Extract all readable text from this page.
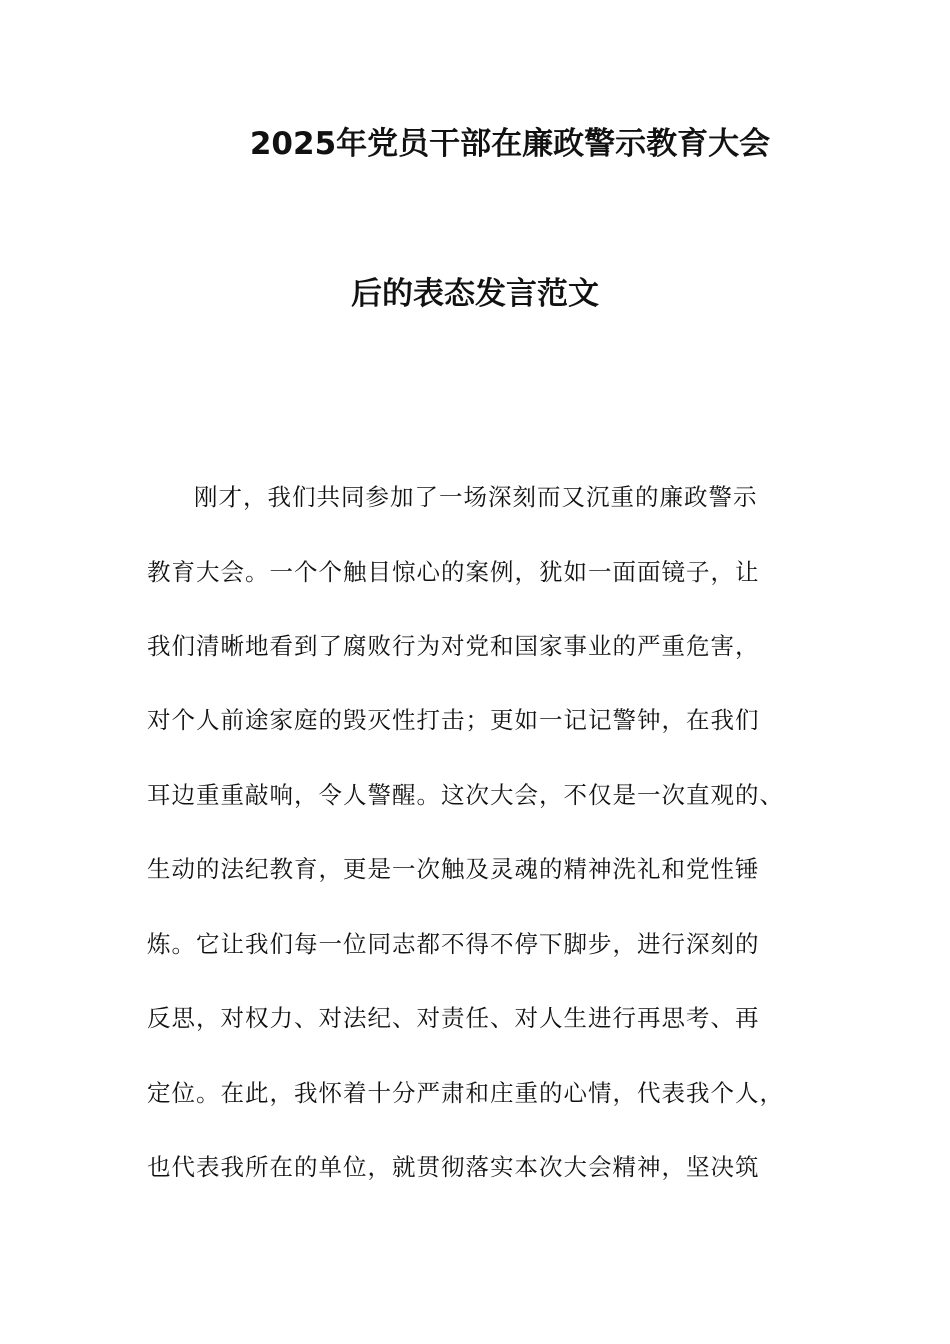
2025年党员干部在廉政警示教育大会
后的表态发言范文
刚才，我们共同参加了一场深刻而又沉重的廉政警示
教育大会。一个个触目惊心的案例，犹如一面面镜子，让
我们清晰地看到了腐败行为对党和国家事业的严重危害，
对个人前途家庭的毁灭性打击；更如一记记警钟，在我们
耳边重重敲响，令人警醒。这次大会，不仅是一次直观的、
生动的法纪教育，更是一次触及灵魂的精神洗礼和党性锤
炼。它让我们每一位同志都不得不停下脚步，进行深刻的
反思，对权力、对法纪、对责任、对人生进行再思考、再
定位。在此，我怀着十分严肃和庄重的心情，代表我个人，
也代表我所在的单位，就贯彻落实本次大会精神，坚决筑
